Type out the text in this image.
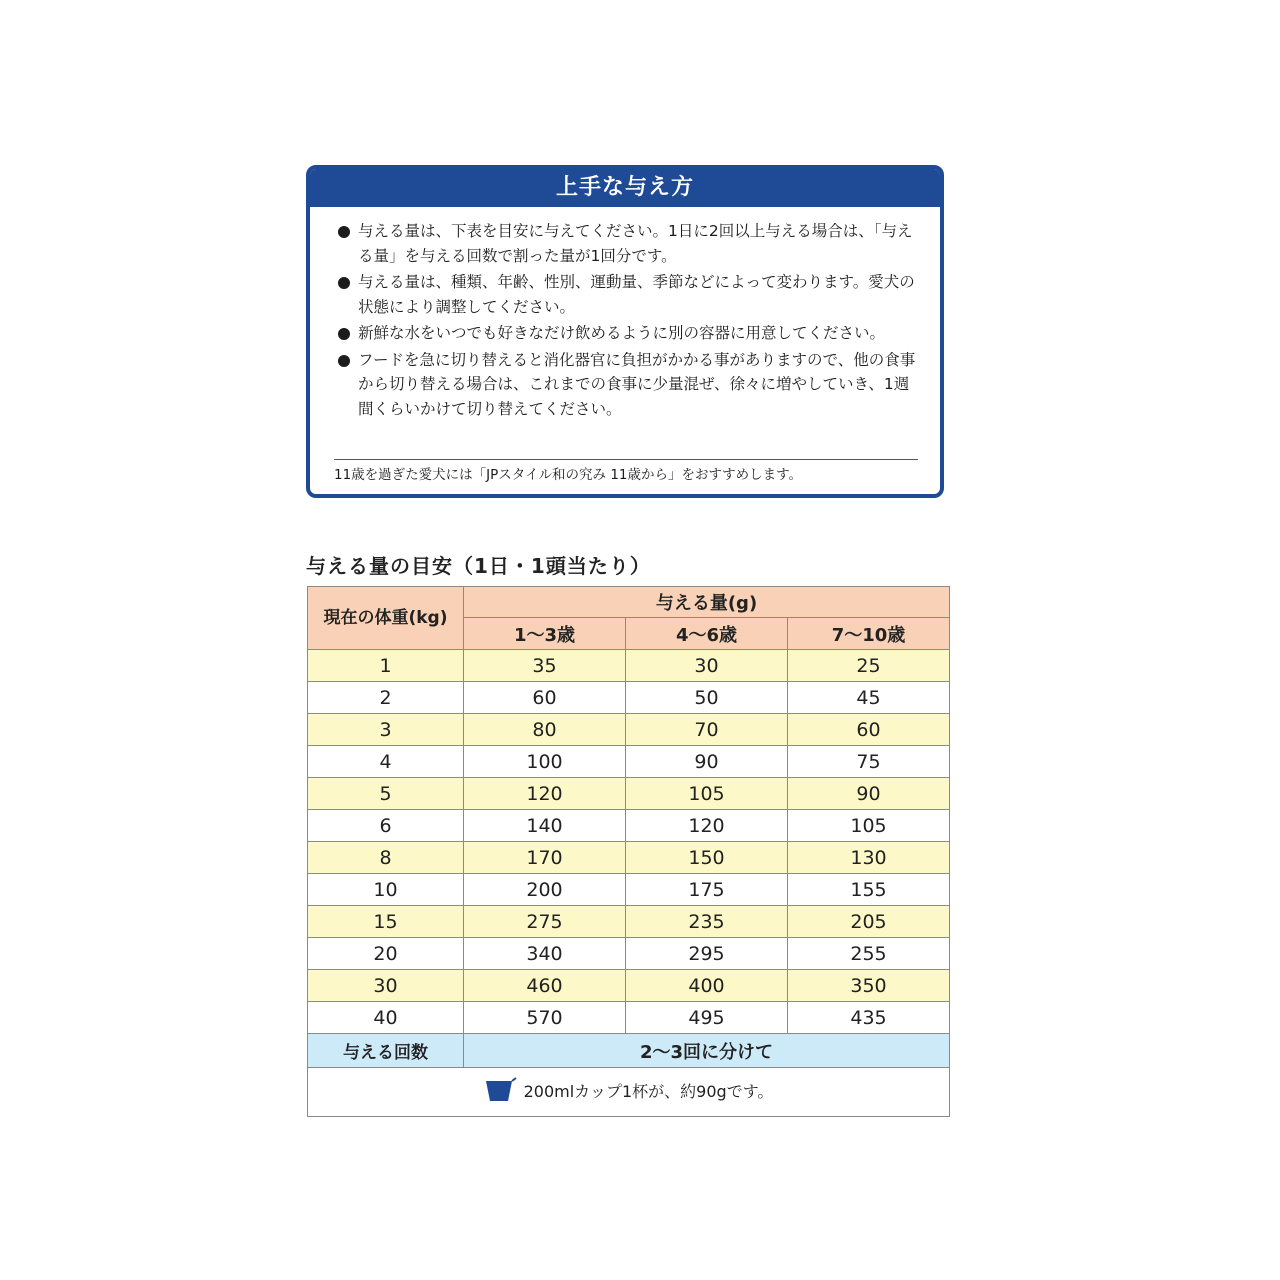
上手な与え方
与える量は、下表を目安に与えてください。1日に2回以上与える場合は、「与える量」を与える回数で割った量が1回分です。
与える量は、種類、年齢、性別、運動量、季節などによって変わります。愛犬の状態により調整してください。
新鮮な水をいつでも好きなだけ飲めるように別の容器に用意してください。
フードを急に切り替えると消化器官に負担がかかる事がありますので、他の食事から切り替える場合は、これまでの食事に少量混ぜ、徐々に増やしていき、1週間くらいかけて切り替えてください。
11歳を過ぎた愛犬には「JPスタイル和の究み 11歳から」をおすすめします。
与える量の目安（1日・1頭当たり）
現在の体重(kg)	与える量(g)		
	1〜3歳	4〜6歳	7〜10歳
1	35	30	25
2	60	50	45
3	80	70	60
4	100	90	75
5	120	105	90
6	140	120	105
8	170	150	130
10	200	175	155
15	275	235	205
20	340	295	255
30	460	400	350
40	570	495	435
与える回数	2〜3回に分けて		

200mlカップ1杯が、約90gです。			
